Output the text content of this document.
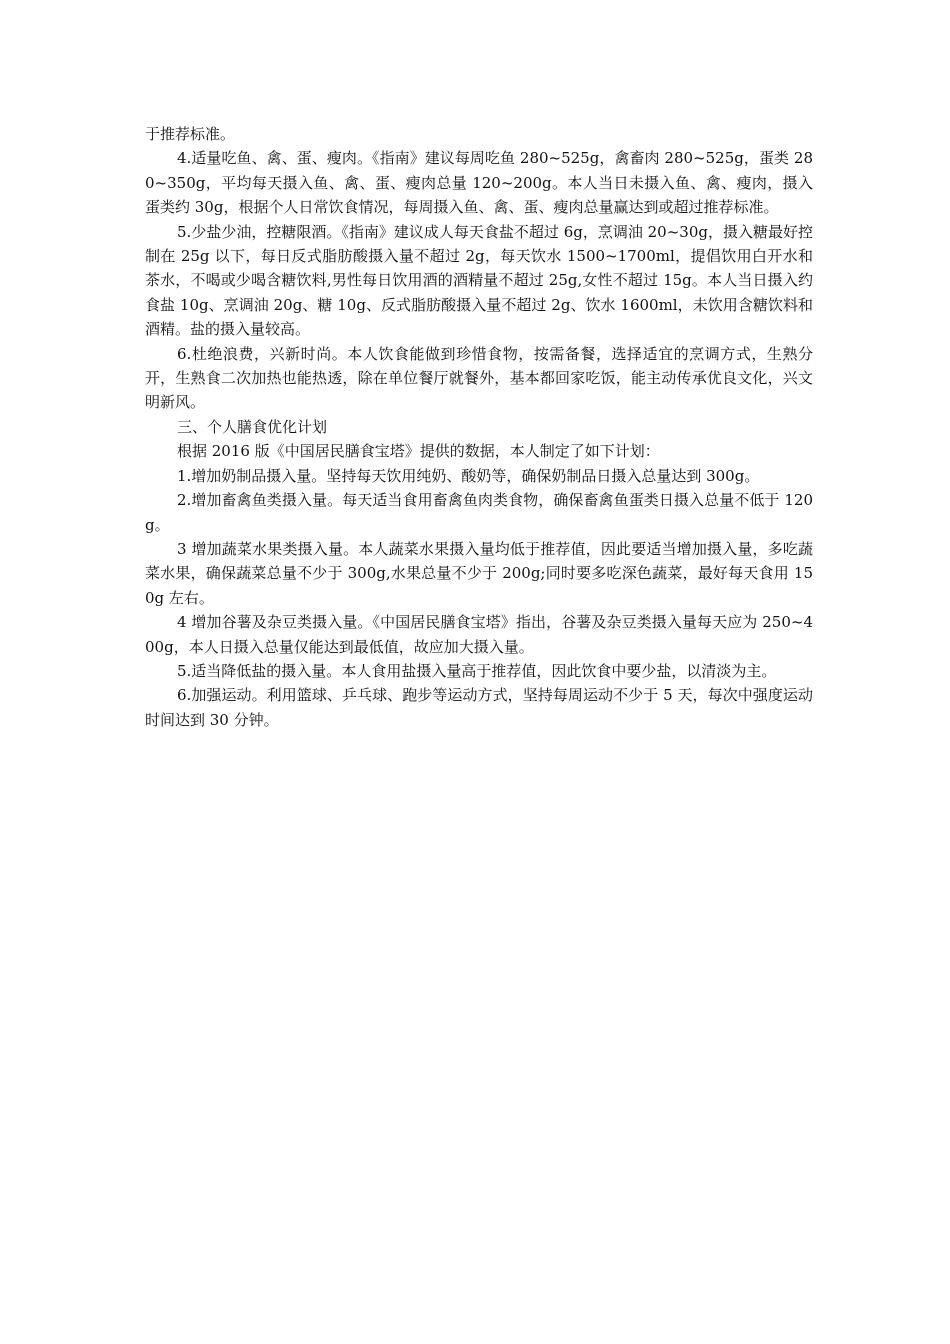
于推荐标准。

4.适量吃鱼、禽、蛋、瘦肉。《指南》建议每周吃鱼 280~525g，禽畜肉 280~525g，蛋类 280~350g，平均每天摄入鱼、禽、蛋、瘦肉总量 120~200g。本人当日未摄入鱼、禽、瘦肉，摄入蛋类约 30g，根据个人日常饮食情况，每周摄入鱼、禽、蛋、瘦肉总量赢达到或超过推荐标准。

5.少盐少油，控糖限酒。《指南》建议成人每天食盐不超过 6g，烹调油 20~30g，摄入糖最好控制在 25g 以下，每日反式脂肪酸摄入量不超过 2g，每天饮水 1500~1700ml，提倡饮用白开水和茶水，不喝或少喝含糖饮料,男性每日饮用酒的酒精量不超过 25g,女性不超过 15g。本人当日摄入约食盐 10g、烹调油 20g、糖 10g、反式脂肪酸摄入量不超过 2g、饮水 1600ml，未饮用含糖饮料和酒精。盐的摄入量较高。

6.杜绝浪费，兴新时尚。本人饮食能做到珍惜食物，按需备餐，选择适宜的烹调方式，生熟分开，生熟食二次加热也能热透，除在单位餐厅就餐外，基本都回家吃饭，能主动传承优良文化，兴文明新风。

三、个人膳食优化计划

根据 2016 版《中国居民膳食宝塔》提供的数据，本人制定了如下计划：

1.增加奶制品摄入量。坚持每天饮用纯奶、酸奶等，确保奶制品日摄入总量达到 300g。

2.增加畜禽鱼类摄入量。每天适当食用畜禽鱼肉类食物，确保畜禽鱼蛋类日摄入总量不低于 120g。

3 增加蔬菜水果类摄入量。本人蔬菜水果摄入量均低于推荐值，因此要适当增加摄入量，多吃蔬菜水果，确保蔬菜总量不少于 300g,水果总量不少于 200g;同时要多吃深色蔬菜，最好每天食用 150g 左右。

4 增加谷薯及杂豆类摄入量。《中国居民膳食宝塔》指出，谷薯及杂豆类摄入量每天应为 250~400g，本人日摄入总量仅能达到最低值，故应加大摄入量。

5.适当降低盐的摄入量。本人食用盐摄入量高于推荐值，因此饮食中要少盐，以清淡为主。

6.加强运动。利用篮球、乒乓球、跑步等运动方式，坚持每周运动不少于 5 天，每次中强度运动时间达到 30 分钟。
